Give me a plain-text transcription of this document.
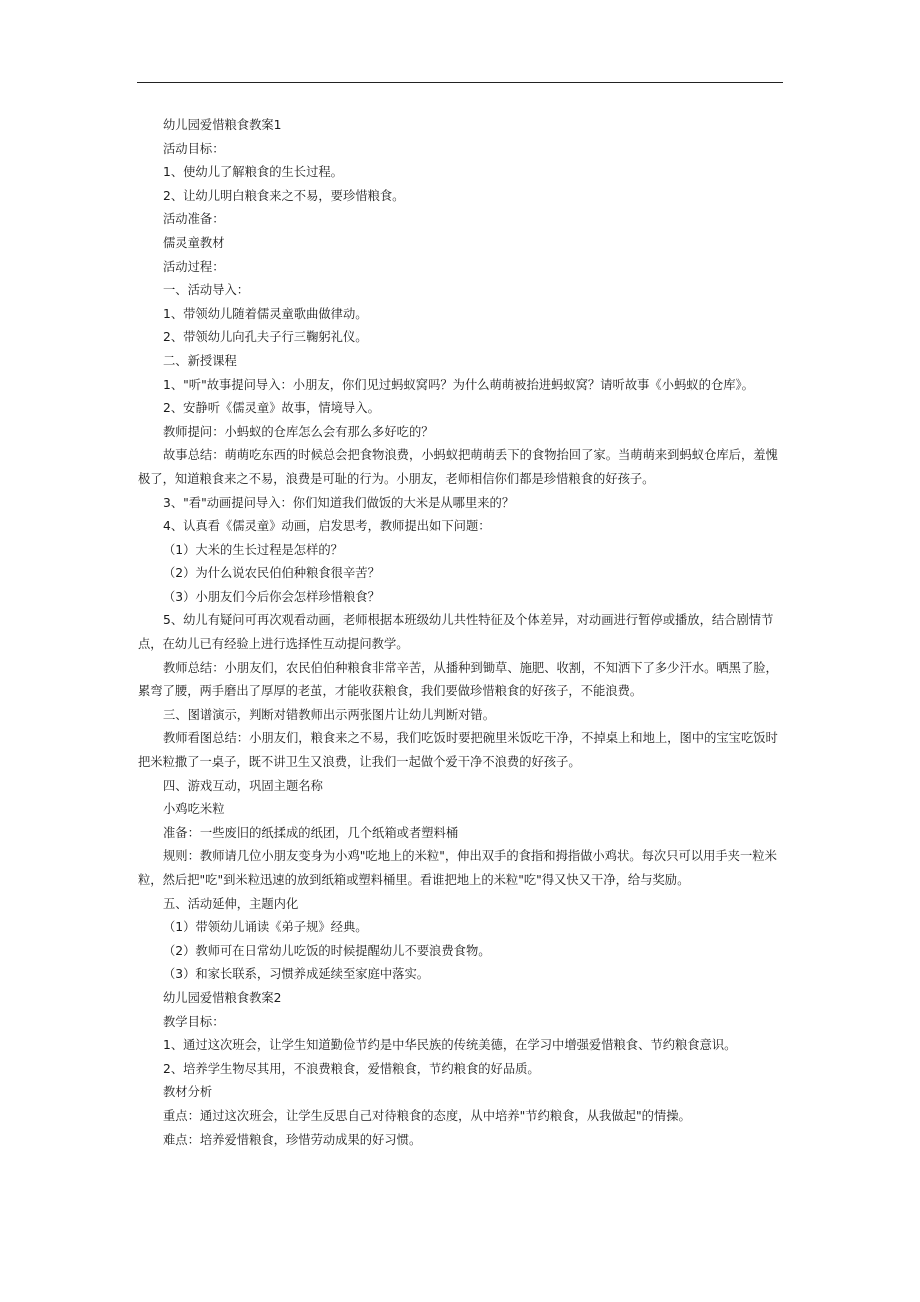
幼儿园爱惜粮食教案1

活动目标：

1、使幼儿了解粮食的生长过程。

2、让幼儿明白粮食来之不易，要珍惜粮食。

活动准备：

儒灵童教材

活动过程：

一、活动导入：

1、带领幼儿随着儒灵童歌曲做律动。

2、带领幼儿向孔夫子行三鞠躬礼仪。

二、新授课程

1、"听"故事提问导入：小朋友，你们见过蚂蚁窝吗？为什么萌萌被抬进蚂蚁窝？请听故事《小蚂蚁的仓库》。

2、安静听《儒灵童》故事，情境导入。

教师提问：小蚂蚁的仓库怎么会有那么多好吃的？

故事总结：萌萌吃东西的时候总会把食物浪费，小蚂蚁把萌萌丢下的食物抬回了家。当萌萌来到蚂蚁仓库后，羞愧

极了，知道粮食来之不易，浪费是可耻的行为。小朋友，老师相信你们都是珍惜粮食的好孩子。

3、"看"动画提问导入：你们知道我们做饭的大米是从哪里来的？

4、认真看《儒灵童》动画，启发思考，教师提出如下问题：

（1）大米的生长过程是怎样的？

（2）为什么说农民伯伯种粮食很辛苦？

（3）小朋友们今后你会怎样珍惜粮食？

5、幼儿有疑问可再次观看动画，老师根据本班级幼儿共性特征及个体差异，对动画进行暂停或播放，结合剧情节

点，在幼儿已有经验上进行选择性互动提问教学。

教师总结：小朋友们，农民伯伯种粮食非常辛苦，从播种到锄草、施肥、收割，不知洒下了多少汗水。晒黑了脸，

累弯了腰，两手磨出了厚厚的老茧，才能收获粮食，我们要做珍惜粮食的好孩子，不能浪费。

三、图谱演示，判断对错教师出示两张图片让幼儿判断对错。

教师看图总结：小朋友们，粮食来之不易，我们吃饭时要把碗里米饭吃干净，不掉桌上和地上，图中的宝宝吃饭时

把米粒撒了一桌子，既不讲卫生又浪费，让我们一起做个爱干净不浪费的好孩子。

四、游戏互动，巩固主题名称

小鸡吃米粒

准备：一些废旧的纸揉成的纸团，几个纸箱或者塑料桶

规则：教师请几位小朋友变身为小鸡"吃地上的米粒"，伸出双手的食指和拇指做小鸡状。每次只可以用手夹一粒米

粒，然后把"吃"到米粒迅速的放到纸箱或塑料桶里。看谁把地上的米粒"吃"得又快又干净，给与奖励。

五、活动延伸，主题内化

（1）带领幼儿诵读《弟子规》经典。

（2）教师可在日常幼儿吃饭的时候提醒幼儿不要浪费食物。

（3）和家长联系，习惯养成延续至家庭中落实。

幼儿园爱惜粮食教案2

教学目标：

1、通过这次班会，让学生知道勤俭节约是中华民族的传统美德，在学习中增强爱惜粮食、节约粮食意识。

2、培养学生物尽其用，不浪费粮食，爱惜粮食，节约粮食的好品质。

教材分析

重点：通过这次班会，让学生反思自己对待粮食的态度，从中培养"节约粮食，从我做起"的情操。

难点：培养爱惜粮食，珍惜劳动成果的好习惯。
